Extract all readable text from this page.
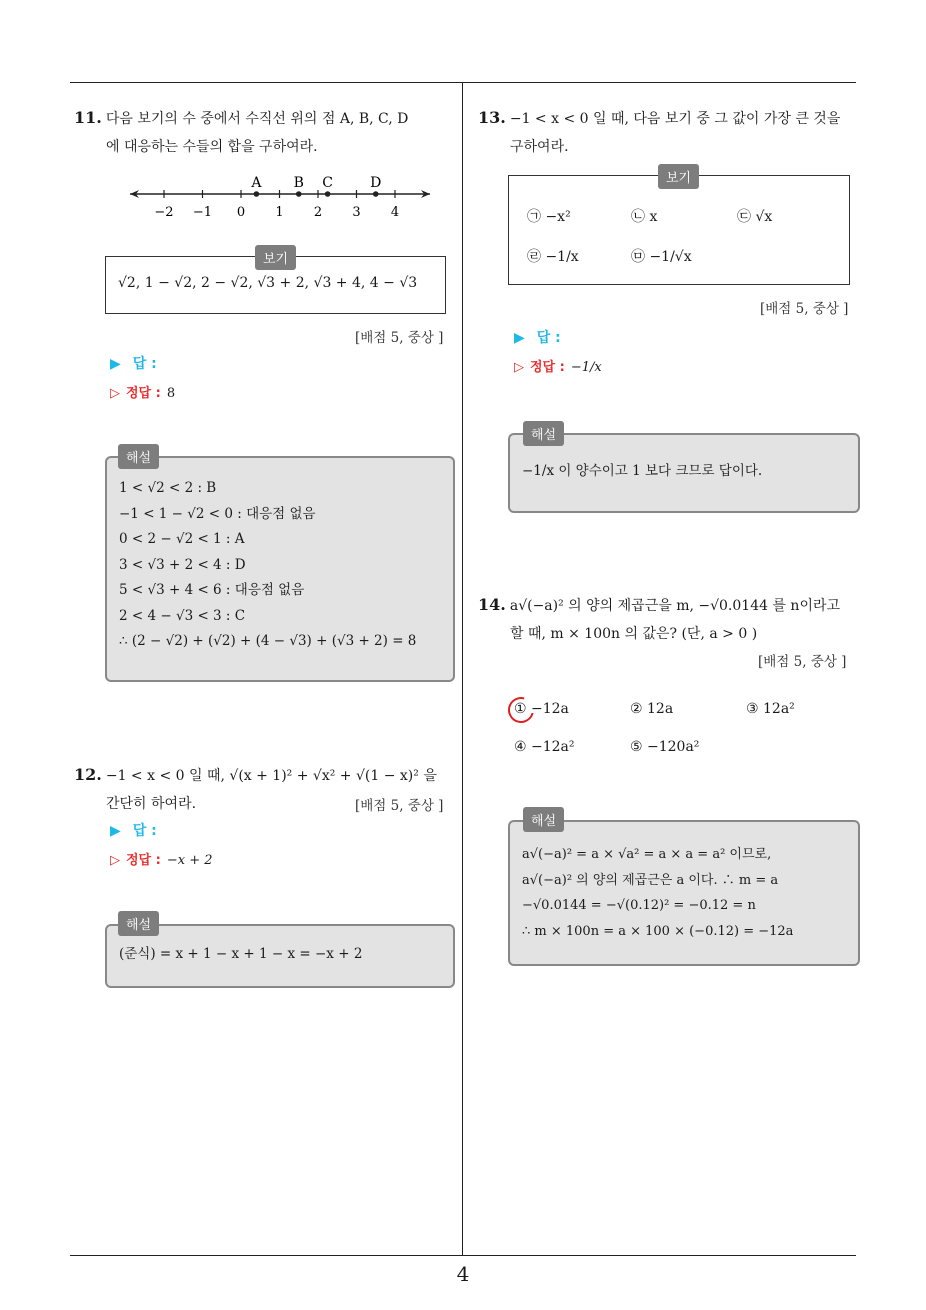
4
11. 다음 보기의 수 중에서 수직선 위의 점 A, B, C, D
에 대응하는 수들의 합을 구하여라.
−2 −1 0 1 2 3 4
A B C	D
√2, 1 − √2, 2 − √2, √3 + 2, √3 + 4, 4 − √3
보기
[배점 5, 중상 ]
▶ 답 :
▷ 정답 : 8
1 < √2 < 2 : B
−1 < 1 − √2 < 0 : 대응점 없음
0 < 2 − √2 < 1 : A
3 < √3 + 2 < 4 : D
5 < √3 + 4 < 6 : 대응점 없음
2 < 4 − √3 < 3 : C
∴ (2 − √2) + (√2) + (4 − √3) + (√3 + 2) = 8
해설
12. −1 < x < 0 일 때, √(x + 1)² + √x² + √(1 − x)² 을
간단히 하여라.	[배점 5, 중상 ]
▶ 답 :
▷ 정답 : −x + 2
(준식) = x + 1 − x + 1 − x = −x + 2
해설
13. −1 < x < 0 일 때, 다음 보기 중 그 값이 가장 큰 것을
구하여라.
㉠ −x²	㉡ x	㉢ √x
㉣ −1/x	㉤ −1/√x
보기
[배점 5, 중상 ]
▶ 답 :
▷ 정답 : −1/x
−1/x 이 양수이고 1 보다 크므로 답이다.
해설
14. a√(−a)² 의 양의 제곱근을 m, −√0.0144 를 n이라고
할 때, m × 100n 의 값은? (단, a > 0 )
[배점 5, 중상 ]
① −12a	② 12a	③ 12a²
④ −12a²	⑤ −120a²
a√(−a)² = a × √a² = a × a = a² 이므로,
a√(−a)² 의 양의 제곱근은 a 이다. ∴ m = a
−√0.0144 = −√(0.12)² = −0.12 = n
∴ m × 100n = a × 100 × (−0.12) = −12a
해설
